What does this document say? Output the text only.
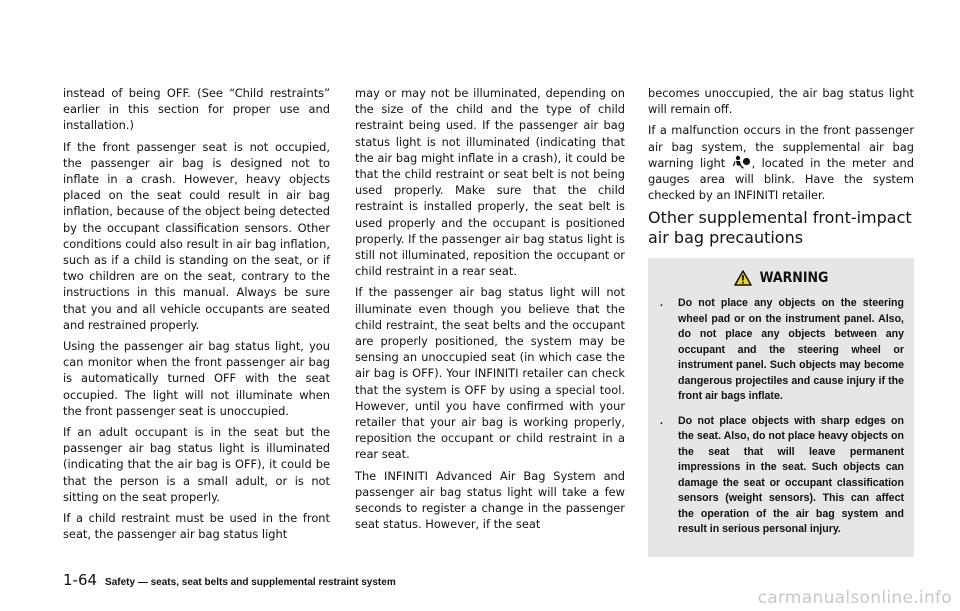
instead of being OFF. (See “Child restraints” earlier in this section for proper use and installation.)

If the front passenger seat is not occupied, the passenger air bag is designed not to inflate in a crash. However, heavy objects placed on the seat could result in air bag inflation, because of the object being detected by the occupant classification sensors. Other conditions could also result in air bag inflation, such as if a child is standing on the seat, or if two children are on the seat, contrary to the instructions in this manual. Always be sure that you and all vehicle occupants are seated and restrained properly.

Using the passenger air bag status light, you can monitor when the front passenger air bag is automatically turned OFF with the seat occupied. The light will not illuminate when the front passenger seat is unoccupied.

If an adult occupant is in the seat but the passenger air bag status light is illuminated (indicating that the air bag is OFF), it could be that the person is a small adult, or is not sitting on the seat properly.

If a child restraint must be used in the front seat, the passenger air bag status light

may or may not be illuminated, depending on the size of the child and the type of child restraint being used. If the passenger air bag status light is not illuminated (indicating that the air bag might inflate in a crash), it could be that the child restraint or seat belt is not being used properly. Make sure that the child restraint is installed properly, the seat belt is used properly and the occupant is positioned properly. If the passenger air bag status light is still not illuminated, reposition the occupant or child restraint in a rear seat.

If the passenger air bag status light will not illuminate even though you believe that the child restraint, the seat belts and the occupant are properly positioned, the system may be sensing an unoccupied seat (in which case the air bag is OFF). Your INFINITI retailer can check that the system is OFF by using a special tool. However, until you have confirmed with your retailer that your air bag is working properly, reposition the occupant or child restraint in a rear seat.

The INFINITI Advanced Air Bag System and passenger air bag status light will take a few seconds to register a change in the passenger seat status. However, if the seat

becomes unoccupied, the air bag status light will remain off.

If a malfunction occurs in the front passenger air bag system, the supplemental air bag warning light , located in the meter and gauges area will blink. Have the system checked by an INFINITI retailer.

Other supplemental front-impact air bag precautions
WARNING
. Do not place any objects on the steering wheel pad or on the instrument panel. Also, do not place any objects between any occupant and the steering wheel or instrument panel. Such objects may become dangerous projectiles and cause injury if the front air bags inflate.
. Do not place objects with sharp edges on the seat. Also, do not place heavy objects on the seat that will leave permanent impressions in the seat. Such objects can damage the seat or occupant classification sensors (weight sensors). This can affect the operation of the air bag system and result in serious personal injury.
1-64 Safety — seats, seat belts and supplemental restraint system
carmanualsonline.info
